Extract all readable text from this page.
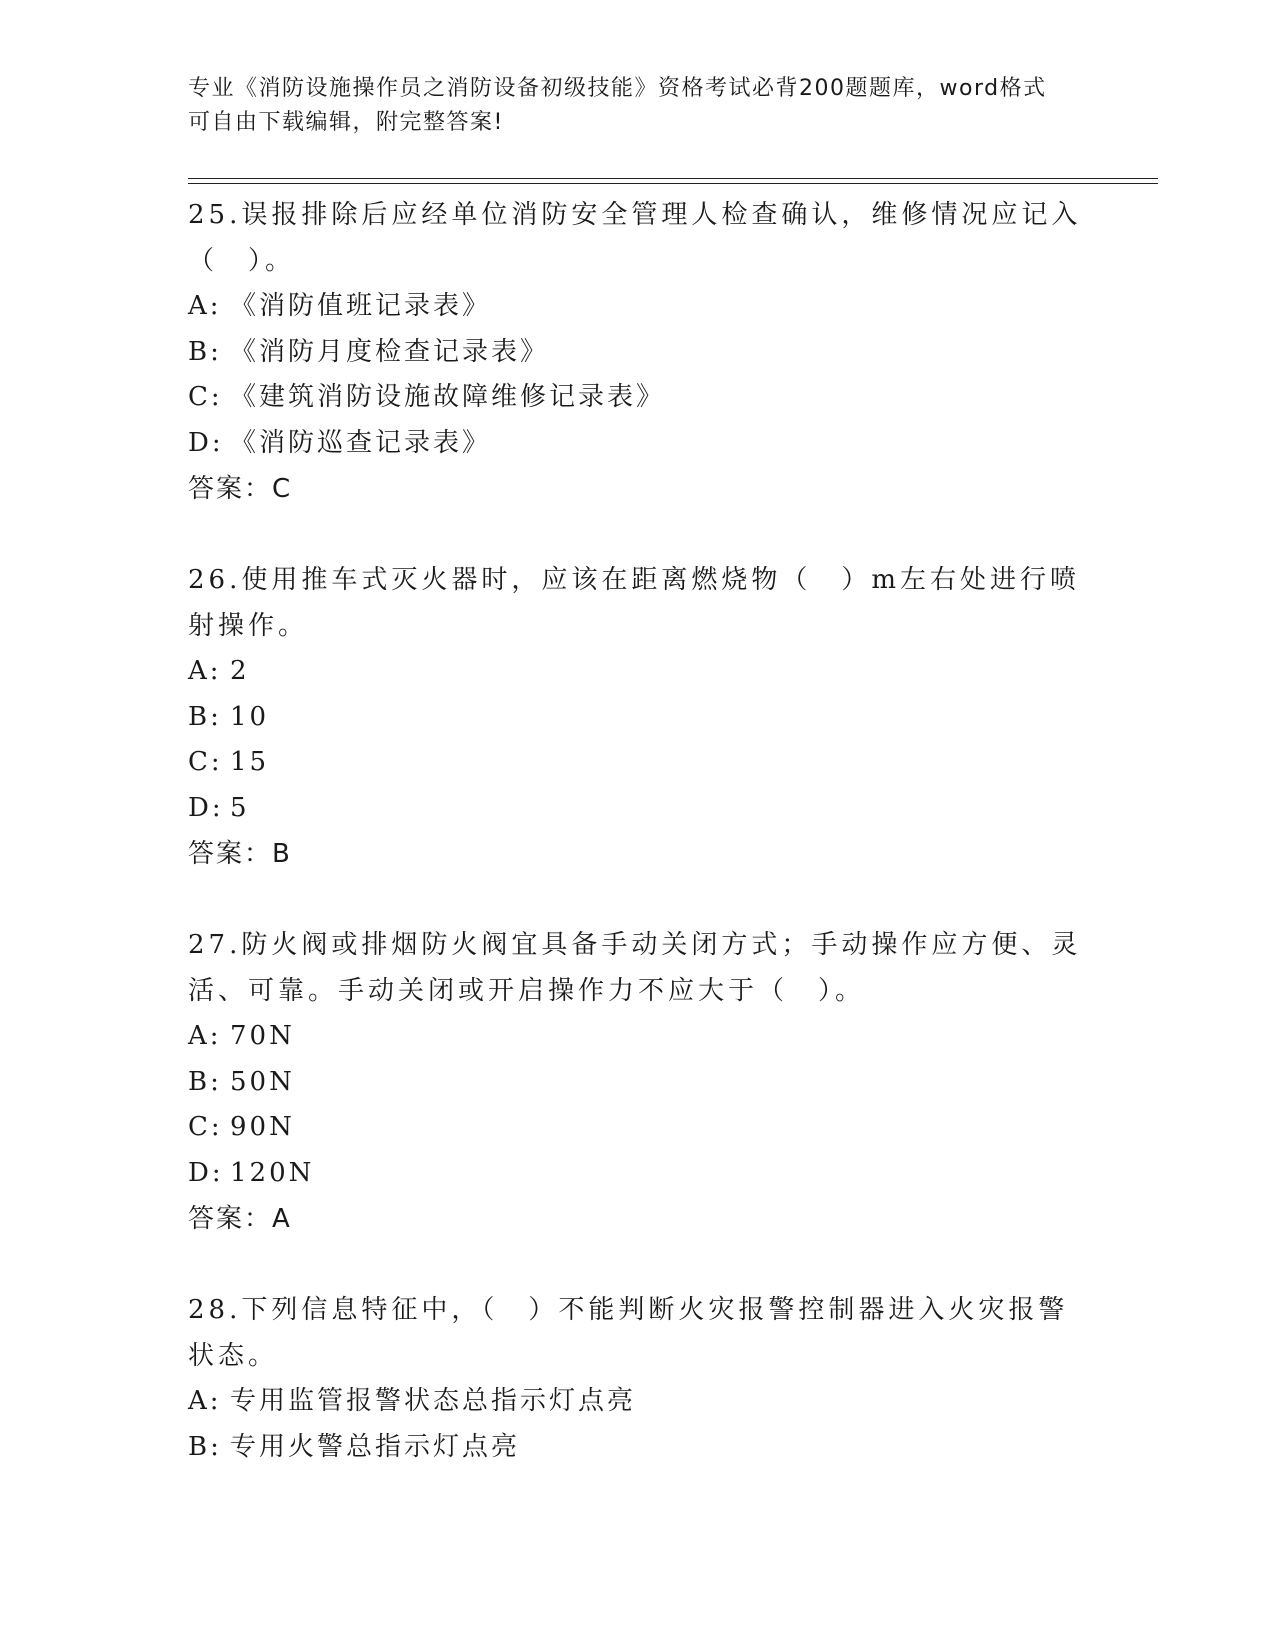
专业《消防设施操作员之消防设备初级技能》资格考试必背200题题库，word格式可自由下载编辑，附完整答案!

25.误报排除后应经单位消防安全管理人检查确认，维修情况应记入（　）。

A: 《消防值班记录表》
B: 《消防月度检查记录表》
C: 《建筑消防设施故障维修记录表》
D: 《消防巡查记录表》
答案：C

26.使用推车式灭火器时，应该在距离燃烧物（　）m左右处进行喷射操作。

A: 2
B: 10
C: 15
D: 5
答案：B

27.防火阀或排烟防火阀宜具备手动关闭方式；手动操作应方便、灵活、可靠。手动关闭或开启操作力不应大于（　）。

A: 70N
B: 50N
C: 90N
D: 120N
答案：A

28.下列信息特征中，（　）不能判断火灾报警控制器进入火灾报警状态。

A: 专用监管报警状态总指示灯点亮
B: 专用火警总指示灯点亮
